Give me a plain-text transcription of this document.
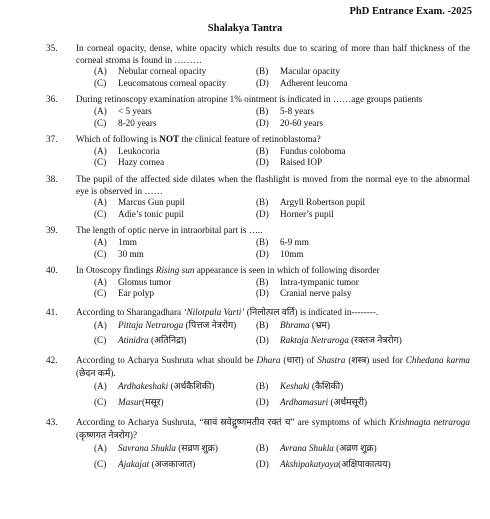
PhD Entrance Exam. -2025
Shalakya Tantra
35. In corneal opacity, dense, white opacity which results due to scaring of more than half thickness of the corneal stroma is found in ………
(A)	Nebular corneal opacity	(B)	Macular opacity
(C)	Leucomatous corneal opacity	(D)	Adherent leucoma
36. During retinoscopy examination atropine 1% ointment is indicated in ……age groups patients
(A)	< 5 years	(B)	5-8 years
(C)	8-20 years	(D)	20-60 years
37. Which of following is NOT the clinical feature of retinoblastoma?
(A)	Leukocoria	(B)	Fundus coloboma
(C)	Hazy cornea	(D)	Raised IOP
38. The pupil of the affected side dilates when the flashlight is moved from the normal eye to the abnormal eye is observed in ……
(A)	Marcus Gun pupil	(B)	Argyll Robertson pupil
(C)	Adie’s tonic pupil	(D)	Horner’s pupil
39. The length of optic nerve in intraorbital part is …..
(A)	1mm	(B)	6-9 mm
(C)	30 mm	(D)	10mm
40. In Otoscopy findings Rising sun appearance is seen in which of following disorder
(A)	Glomus tumor	(B)	Intra-tympanic tumor
(C)	Ear polyp	(D)	Cranial nerve palsy
41. According to Sharangadhara ‘Nilotpala Varti’ (निलोत्पल वर्ति) is indicated in--------.
(A)	Pittaja Netraroga (पित्तज नेत्ररोग) (B)	Bhrama (भ्रम)
(C)	Atinidra (अतिनिद्रा)	(D)	Raktaja Netraroga (रक्तज नेत्ररोग)
42. According to Acharya Sushruta what should be Dhara (धारा) of Shastra (शस्त्र) used for Chhedana karma (छेदन कर्म).
(A)	Ardhakeshaki (अर्धकैशिकी)	(B)	Keshaki (कैशिकी)
(C)	Masur(मसूर)	(D)	Ardhamasuri (अर्धमसूरी)
43. According to Acharya Sushruta, “स्रावं स्रवेद्गुष्णमतीव रक्तं च” are symptoms of which Krishnagta netraroga (कृष्णगत नेत्ररोग)?
(A)	Savrana Shukla (सव्रण शुक्र)	(B)	Avrana Shukla (अव्रण शुक्र)
(C)	Ajakajat (अजकाजात)	(D)	Akshipakatyaya(अक्षिपाकात्यय)
